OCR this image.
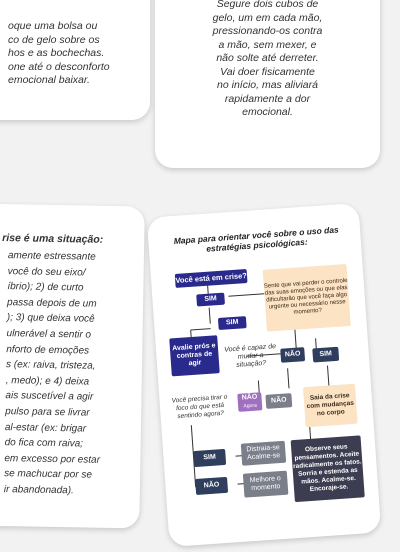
oque uma bolsa ou
co de gelo sobre os
hos e as bochechas.
one até o desconforto
emocional baixar.
Segure dois cubos de
gelo, um em cada mão,
pressionando-os contra
a mão, sem mexer, e
não solte até derreter.
Vai doer fisicamente
no início, mas aliviará
rapidamente a dor
emocional.
rise é uma situação:
amente estressante
você do seu eixo/
íbrio); 2) de curto
passa depois de um
); 3) que deixa você
ulnerável a sentir o
nforto de emoções
s (ex: raiva, tristeza,
, medo); e 4) deixa
ais suscetível a agir
pulso para se livrar
al-estar (ex: brigar
do fica com raiva;
em excesso por estar
se machucar por se
ir abandonada).
Mapa para orientar você sobre o uso das estratégias psicológicas:
Você está em crise?	Sente que vai perder o controle das suas emoções ou que elas dificultarão que você faça algo urgente ou necessário nesse momento?
SIM
SIM
Avalie prós e contras de agir
Você é capaz de mudar a situação?
NÃO	SIM
Você precisa tirar o foco do que está sentindo agora?
NÃO
Agora
NÃO	Saia da crise com mudanças no corpo
SIM
Distraia-se Acalme-se
NÃO
Melhore o momento
Observe seus pensamentos. Aceite radicalmente os fatos. Sorria e estenda as mãos. Acalme-se. Encoraje-se.
